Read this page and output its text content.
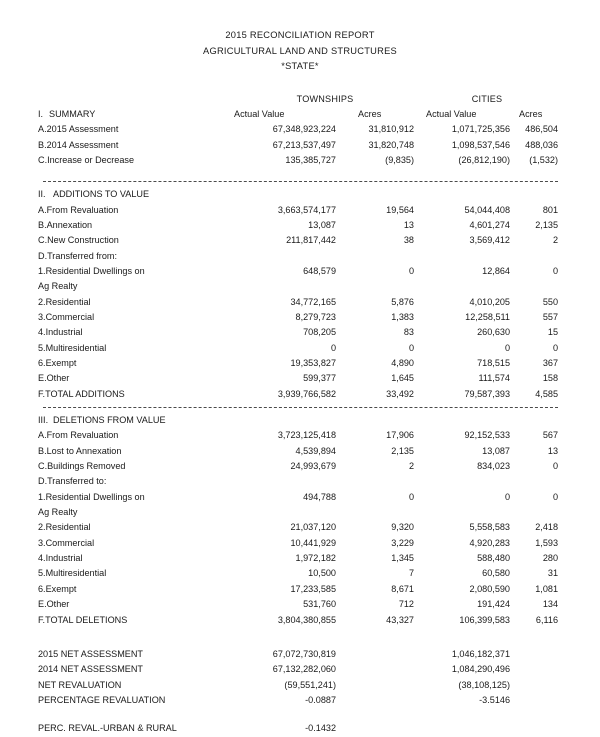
2015 RECONCILIATION REPORT
AGRICULTURAL LAND AND STRUCTURES
*STATE*
	TOWNSHIPS		CITIES	
I. SUMMARY	Actual Value	Acres	Actual Value	Acres
A.2015 Assessment	67,348,923,224	31,810,912	1,071,725,356	486,504
B.2014 Assessment	67,213,537,497	31,820,748	1,098,537,546	488,036
C.Increase or Decrease	135,385,727	(9,835)	(26,812,190)	(1,532)

II. ADDITIONS TO VALUE				
A.From Revaluation	3,663,574,177	19,564	54,044,408	801
B.Annexation	13,087	13	4,601,274	2,135
C.New Construction	211,817,442	38	3,569,412	2
D.Transferred from:				
1.Residential Dwellings on	648,579	0	12,864	0
Ag Realty				
2.Residential	34,772,165	5,876	4,010,205	550
3.Commercial	8,279,723	1,383	12,258,511	557
4.Industrial	708,205	83	260,630	15
5.Multiresidential	0	0	0	0
6.Exempt	19,353,827	4,890	718,515	367
E.Other	599,377	1,645	111,574	158
F.TOTAL ADDITIONS	3,939,766,582	33,492	79,587,393	4,585

III. DELETIONS FROM VALUE				
A.From Revaluation	3,723,125,418	17,906	92,152,533	567
B.Lost to Annexation	4,539,894	2,135	13,087	13
C.Buildings Removed	24,993,679	2	834,023	0
D.Transferred to:				
1.Residential Dwellings on	494,788	0	0	0
Ag Realty				
2.Residential	21,037,120	9,320	5,558,583	2,418
3.Commercial	10,441,929	3,229	4,920,283	1,593
4.Industrial	1,972,182	1,345	588,480	280
5.Multiresidential	10,500	7	60,580	31
6.Exempt	17,233,585	8,671	2,080,590	1,081
E.Other	531,760	712	191,424	134
F.TOTAL DELETIONS	3,804,380,855	43,327	106,399,583	6,116

2015 NET ASSESSMENT	67,072,730,819		1,046,182,371	
2014 NET ASSESSMENT	67,132,282,060		1,084,290,496	
NET REVALUATION	(59,551,241)		(38,108,125)	
PERCENTAGE REVALUATION	-0.0887		-3.5146	

PERC. REVAL.-URBAN & RURAL	-0.1432			
